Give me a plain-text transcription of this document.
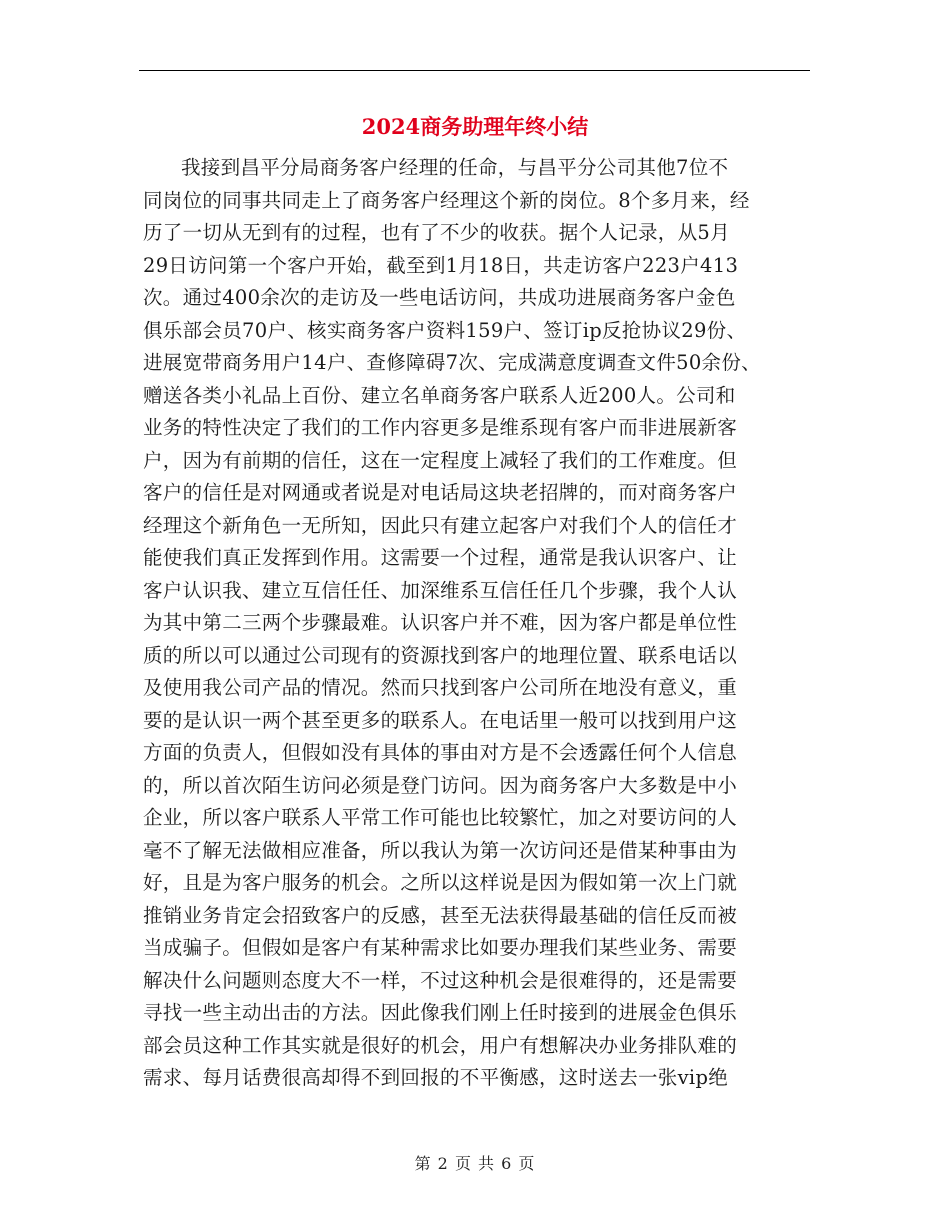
2024商务助理年终小结
我接到昌平分局商务客户经理的任命，与昌平分公司其他7位不
同岗位的同事共同走上了商务客户经理这个新的岗位。8个多月来，经
历了一切从无到有的过程，也有了不少的收获。据个人记录，从5月
29日访问第一个客户开始，截至到1月18日，共走访客户223户413
次。通过400余次的走访及一些电话访问，共成功进展商务客户金色
俱乐部会员70户、核实商务客户资料159户、签订ip反抢协议29份、
进展宽带商务用户14户、查修障碍7次、完成满意度调查文件50余份、
赠送各类小礼品上百份、建立名单商务客户联系人近200人。公司和
业务的特性决定了我们的工作内容更多是维系现有客户而非进展新客
户，因为有前期的信任，这在一定程度上减轻了我们的工作难度。但
客户的信任是对网通或者说是对电话局这块老招牌的，而对商务客户
经理这个新角色一无所知，因此只有建立起客户对我们个人的信任才
能使我们真正发挥到作用。这需要一个过程，通常是我认识客户、让
客户认识我、建立互信任任、加深维系互信任任几个步骤，我个人认
为其中第二三两个步骤最难。认识客户并不难，因为客户都是单位性
质的所以可以通过公司现有的资源找到客户的地理位置、联系电话以
及使用我公司产品的情况。然而只找到客户公司所在地没有意义，重
要的是认识一两个甚至更多的联系人。在电话里一般可以找到用户这
方面的负责人，但假如没有具体的事由对方是不会透露任何个人信息
的，所以首次陌生访问必须是登门访问。因为商务客户大多数是中小
企业，所以客户联系人平常工作可能也比较繁忙，加之对要访问的人
毫不了解无法做相应准备，所以我认为第一次访问还是借某种事由为
好，且是为客户服务的机会。之所以这样说是因为假如第一次上门就
推销业务肯定会招致客户的反感，甚至无法获得最基础的信任反而被
当成骗子。但假如是客户有某种需求比如要办理我们某些业务、需要
解决什么问题则态度大不一样，不过这种机会是很难得的，还是需要
寻找一些主动出击的方法。因此像我们刚上任时接到的进展金色俱乐
部会员这种工作其实就是很好的机会，用户有想解决办业务排队难的
需求、每月话费很高却得不到回报的不平衡感，这时送去一张vip绝
第 2 页 共 6 页
